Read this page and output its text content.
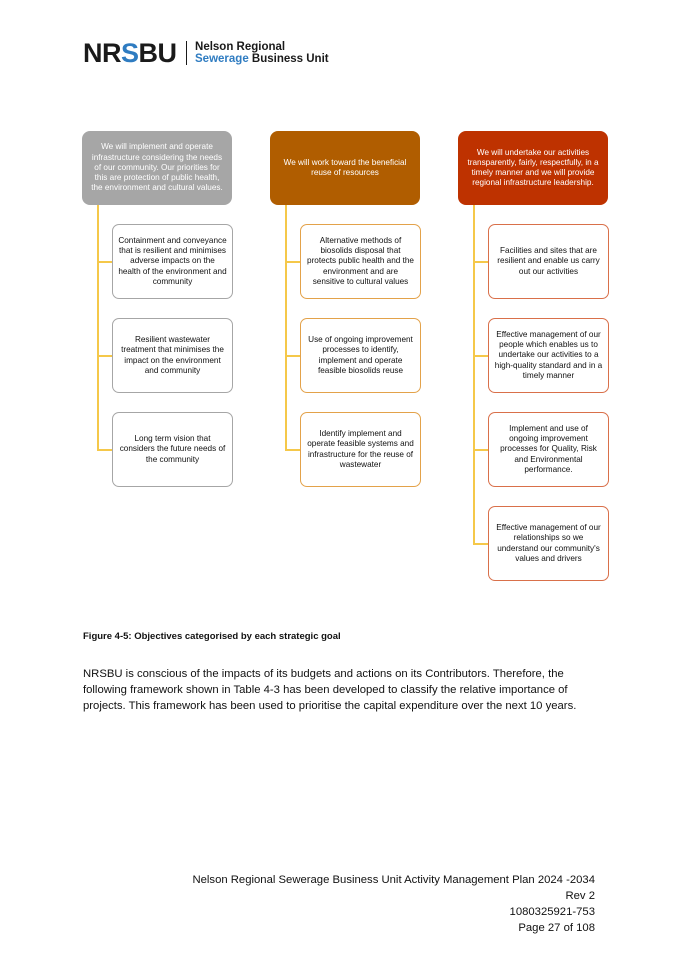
NRSBU Nelson Regional
Sewerage Business Unit
We will implement and operate infrastructure considering the needs of our community. Our priorities for this are protection of public health, the environment and cultural values.
We will work toward the beneficial reuse of resources
We will undertake our activities transparently, fairly, respectfully, in a timely manner and we will provide regional infrastructure leadership.
Containment and conveyance that is resilient and minimises adverse impacts on the health of the environment and community
Resilient wastewater treatment that minimises the impact on the environment and community
Long term vision that considers the future needs of the community
Alternative methods of biosolids disposal that protects public health and the environment and are sensitive to cultural values
Use of ongoing improvement processes to identify, implement and operate feasible biosolids reuse
Identify implement and operate feasible systems and infrastructure for the reuse of wastewater
Facilities and sites that are resilient and enable us carry out our activities
Effective management of our people which enables us to undertake our activities to a high-quality standard and in a timely manner
Implement and use of ongoing improvement processes for Quality, Risk and Environmental performance.
Effective management of our relationships so we understand our community's values and drivers
Figure 4-5: Objectives categorised by each strategic goal
NRSBU is conscious of the impacts of its budgets and actions on its Contributors. Therefore, the following framework shown in Table 4-3 has been developed to classify the relative importance of projects. This framework has been used to prioritise the capital expenditure over the next 10 years.
Nelson Regional Sewerage Business Unit Activity Management Plan 2024 -2034
Rev 2
1080325921-753
Page 27 of 108
